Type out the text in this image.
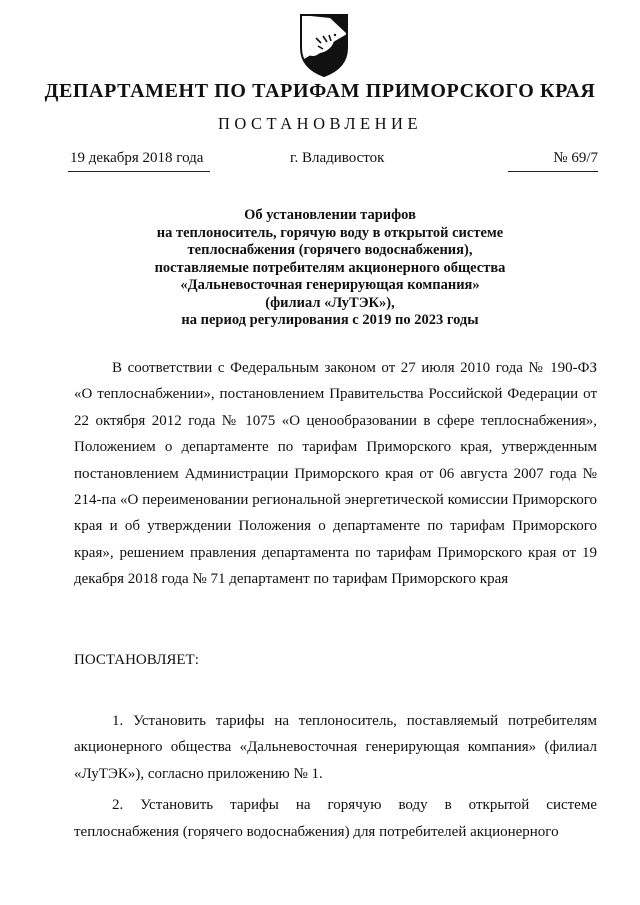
ДЕПАРТАМЕНТ ПО ТАРИФАМ ПРИМОРСКОГО КРАЯ
ПОСТАНОВЛЕНИЕ
19 декабря 2018 года	г. Владивосток	№ 69/7
Об установлении тарифов
на теплоноситель, горячую воду в открытой системе
теплоснабжения (горячего водоснабжения),
поставляемые потребителям акционерного общества
«Дальневосточная генерирующая компания»
(филиал «ЛуТЭК»),
на период регулирования с 2019 по 2023 годы

В соответствии с Федеральным законом от 27 июля 2010 года № 190-ФЗ «О теплоснабжении», постановлением Правительства Российской Федерации от 22 октября 2012 года № 1075 «О ценообразовании в сфере теплоснабжения», Положением о департаменте по тарифам Приморского края, утвержденным постановлением Администрации Приморского края от 06 августа 2007 года № 214-па «О переименовании региональной энергетической комиссии Приморского края и об утверждении Положения о департаменте по тарифам Приморского края», решением правления департамента по тарифам Приморского края от 19 декабря 2018 года № 71 департамент по тарифам Приморского края

ПОСТАНОВЛЯЕТ:

1. Установить тарифы на теплоноситель, поставляемый потребителям акционерного общества «Дальневосточная генерирующая компания» (филиал «ЛуТЭК»), согласно приложению № 1.

2. Установить тарифы на горячую воду в открытой системе теплоснабжения (горячего водоснабжения) для потребителей акционерного
